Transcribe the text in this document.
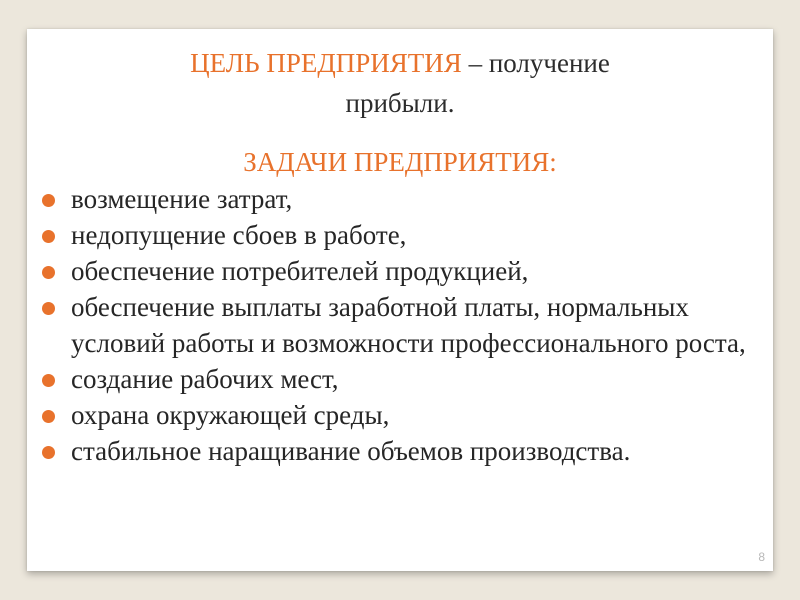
ЦЕЛЬ ПРЕДПРИЯТИЯ – получение
прибыли.
ЗАДАЧИ ПРЕДПРИЯТИЯ:
возмещение затрат,
недопущение сбоев в работе,
обеспечение потребителей продукцией,
обеспечение выплаты заработной платы, нормальных условий работы и возможности профессионального роста,
создание рабочих мест,
охрана окружающей среды,
стабильное наращивание объемов производства.
8
